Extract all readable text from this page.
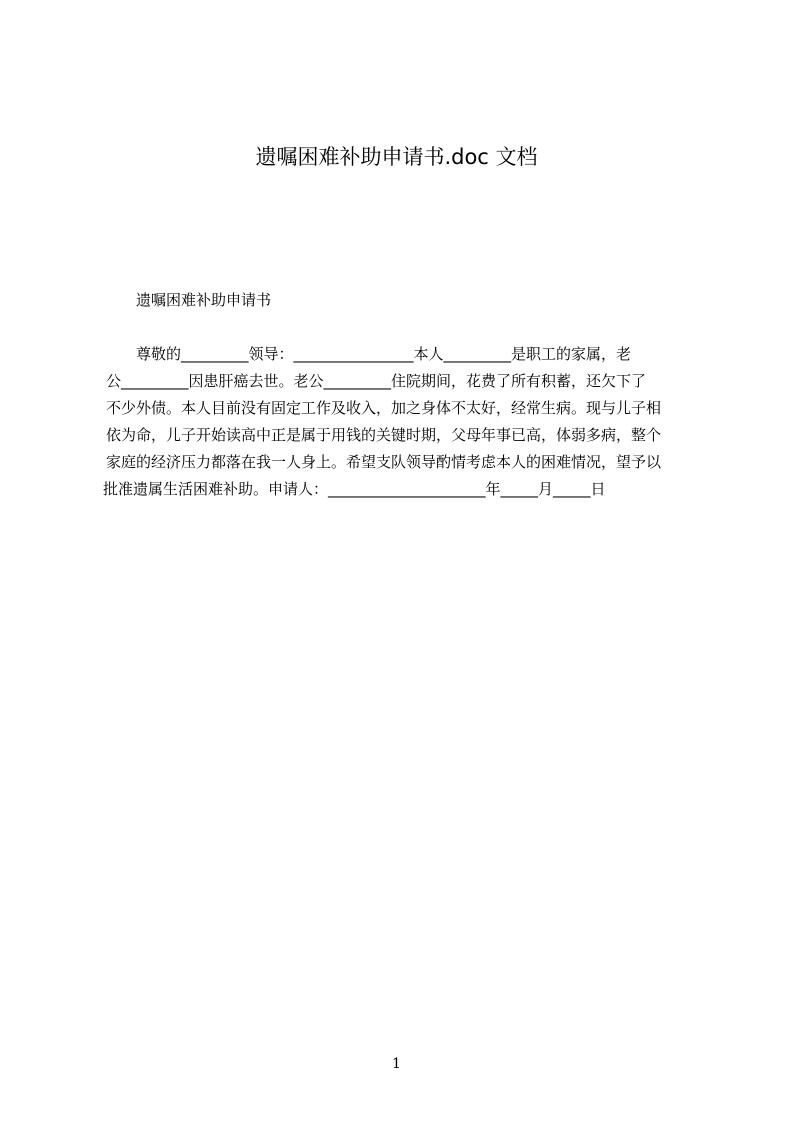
遗嘱困难补助申请书.doc 文档
遗嘱困难补助申请书
尊敬的_________领导：________________本人_________是职工的家属，老
公_________因患肝癌去世。老公_________住院期间，花费了所有积蓄，还欠下了
不少外债。本人目前没有固定工作及收入，加之身体不太好，经常生病。现与儿子相
依为命，儿子开始读高中正是属于用钱的关键时期，父母年事已高，体弱多病，整个
家庭的经济压力都落在我一人身上。希望支队领导酌情考虑本人的困难情况，望予以
批准遗属生活困难补助。申请人：_____________________年_____月_____日
1
